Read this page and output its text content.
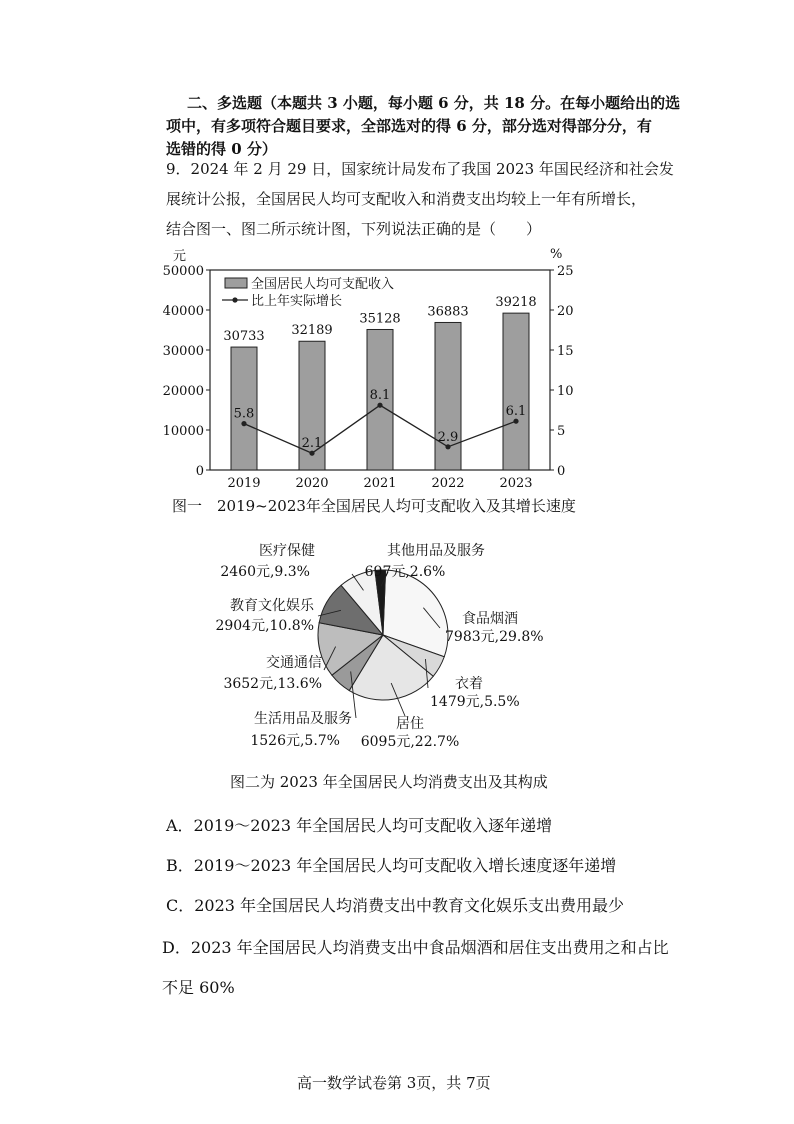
二、多选题（本题共 3 小题，每小题 6 分，共 18 分。在每小题给出的选
项中，有多项符合题目要求，全部选对的得 6 分，部分选对得部分分，有
选错的得 0 分）
9．2024 年 2 月 29 日，国家统计局发布了我国 2023 年国民经济和社会发
展统计公报，全国居民人均可支配收入和消费支出均较上一年有所增长，
结合图一、图二所示统计图，下列说法正确的是（　　）
0
10000
20000
30000
40000
50000
0
5
10
15
20
25
30733
2019
32189
2020
35128
2021
36883
2022
39218
2023
5.8
2.1
8.1
2.9
6.1
全国居民人均可支配收入
比上年实际增长
元	%
图一　2019~2023年全国居民人均可支配收入及其增长速度
食品烟酒
7983元,29.8%
衣着
1479元,5.5%
居住
6095元,22.7%
生活用品及服务
1526元,5.7%
交通通信
3652元,13.6%
教育文化娱乐
2904元,10.8%
医疗保健
2460元,9.3%
其他用品及服务
697元,2.6%
图二为 2023 年全国居民人均消费支出及其构成
A．2019～2023 年全国居民人均可支配收入逐年递增
B．2019～2023 年全国居民人均可支配收入增长速度逐年递增
C．2023 年全国居民人均消费支出中教育文化娱乐支出费用最少
D．2023 年全国居民人均消费支出中食品烟酒和居住支出费用之和占比
不足 60%
高一数学试卷第 3页，共 7页
